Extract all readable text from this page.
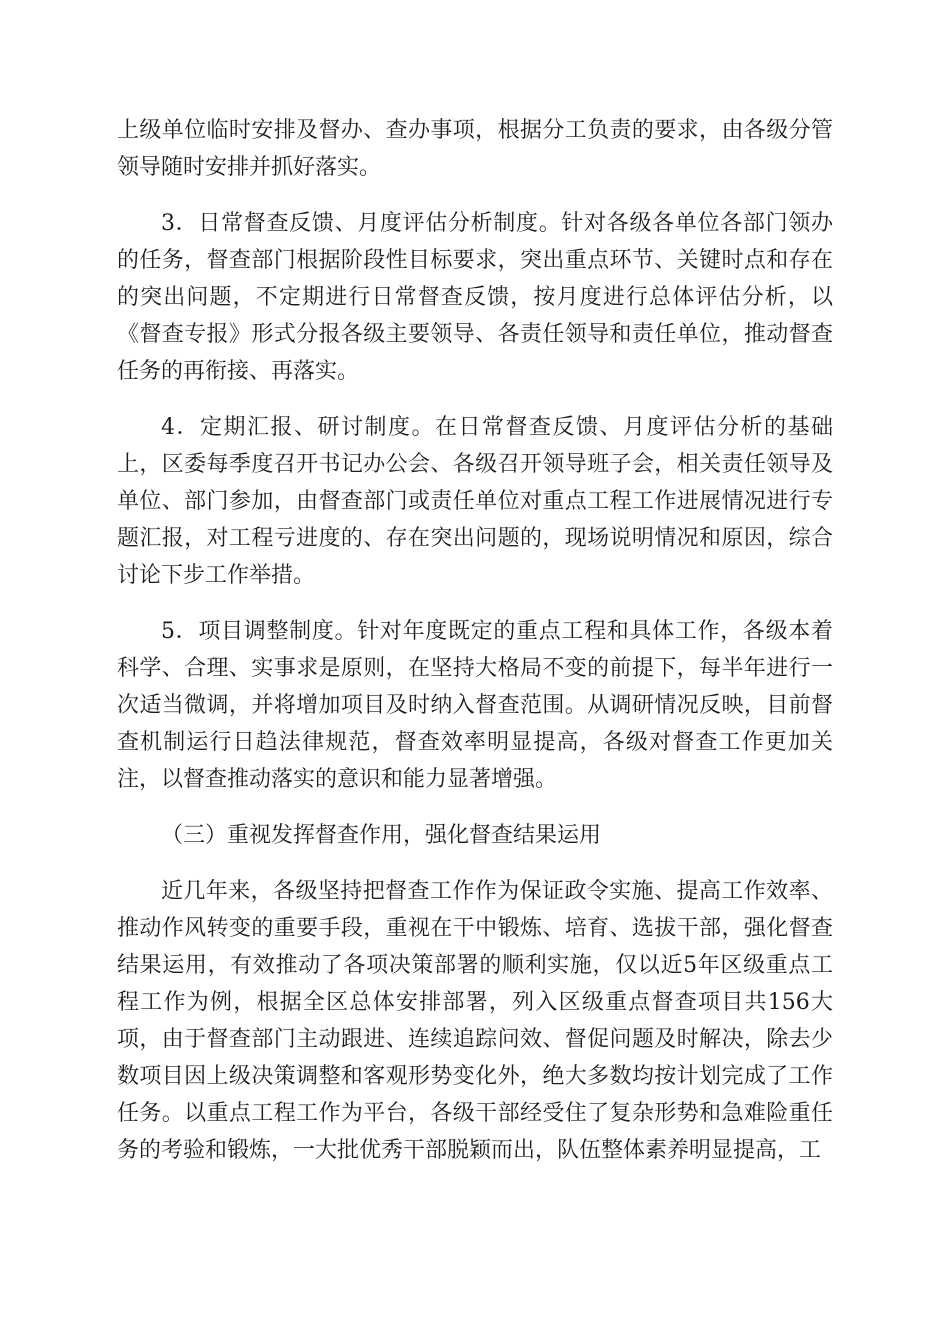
上级单位临时安排及督办、查办事项，根据分工负责的要求，由各级分管领导随时安排并抓好落实。

3．日常督查反馈、月度评估分析制度。针对各级各单位各部门领办的任务，督查部门根据阶段性目标要求，突出重点环节、关键时点和存在的突出问题，不定期进行日常督查反馈，按月度进行总体评估分析，以《督查专报》形式分报各级主要领导、各责任领导和责任单位，推动督查任务的再衔接、再落实。

4．定期汇报、研讨制度。在日常督查反馈、月度评估分析的基础上，区委每季度召开书记办公会、各级召开领导班子会，相关责任领导及单位、部门参加，由督查部门或责任单位对重点工程工作进展情况进行专题汇报，对工程亏进度的、存在突出问题的，现场说明情况和原因，综合讨论下步工作举措。

5．项目调整制度。针对年度既定的重点工程和具体工作，各级本着科学、合理、实事求是原则，在坚持大格局不变的前提下，每半年进行一次适当微调，并将增加项目及时纳入督查范围。从调研情况反映，目前督查机制运行日趋法律规范，督查效率明显提高，各级对督查工作更加关注，以督查推动落实的意识和能力显著增强。

（三）重视发挥督查作用，强化督查结果运用

近几年来，各级坚持把督查工作作为保证政令实施、提高工作效率、推动作风转变的重要手段，重视在干中锻炼、培育、选拔干部，强化督查结果运用，有效推动了各项决策部署的顺利实施，仅以近5年区级重点工程工作为例，根据全区总体安排部署，列入区级重点督查项目共156大项，由于督查部门主动跟进、连续追踪问效、督促问题及时解决，除去少数项目因上级决策调整和客观形势变化外，绝大多数均按计划完成了工作任务。以重点工程工作为平台，各级干部经受住了复杂形势和急难险重任务的考验和锻炼，一大批优秀干部脱颖而出，队伍整体素养明显提高，工
